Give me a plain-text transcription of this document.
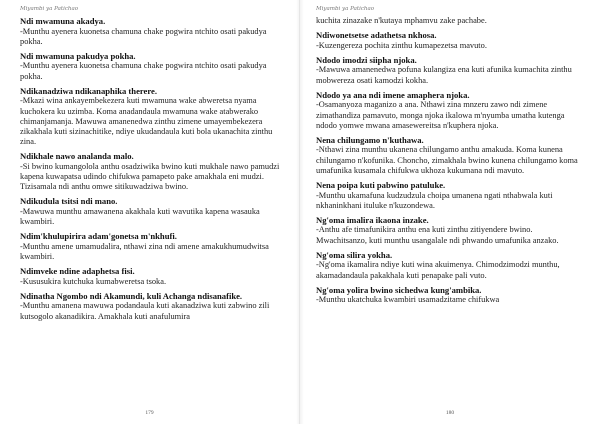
Miyambi ya Patichao
Ndi mwamuna akadya.
-Munthu ayenera kuonetsa chamuna chake pogwira ntchito osati pakudya pokha.
Ndi mwamuna pakudya pokha.
-Munthu ayenera kuonetsa chamuna chake pogwira ntchito osati pakudya pokha.
Ndikanadziwa ndikanaphika therere.
-Mkazi wina ankayembekezera kuti mwamuna wake abweretsa nyama kuchokera ku uzimba. Koma anadandaula mwamuna wake atabwerako chimanjamanja. Mawuwa amanenedwa zinthu zimene umayembekezera zikakhala kuti sizinachitike, ndiye ukudandaula kuti bola ukanachita zinthu zina.
Ndikhale nawo analanda malo.
-Si bwino kumangolola anthu osadziwika bwino kuti mukhale nawo pamudzi kapena kuwapatsa udindo chifukwa pamapeto pake amakhala eni mudzi. Tizisamala ndi anthu omwe sitikuwadziwa bwino.
Ndikudula tsitsi ndi mano.
-Mawuwa munthu amawanena akakhala kuti wavutika kapena wasauka kwambiri.
Ndim'khulupirira adam'gonetsa m'nkhufi.
-Munthu amene umamudalira, nthawi zina ndi amene amakukhumudwitsa kwambiri.
Ndimveke ndine adaphetsa fisi.
-Kususukira kutchuka kumabweretsa tsoka.
Ndinatha Ngombo ndi Akamundi, kuli Achanga ndisanafike.
-Munthu amanena mawuwa podandaula kuti akanadziwa kuti zabwino zili kutsogolo akanadikira. Amakhala kuti anafulumira
179
Miyambi ya Patichao
kuchita zinazake n'kutaya mphamvu zake pachabe.
Ndiwonetsetse adathetsa nkhosa.
-Kuzengereza pochita zinthu kumapezetsa mavuto.
Ndodo imodzi siipha njoka.
-Mawuwa amanenedwa pofuna kulangiza ena kuti afunika kumachita zinthu mobwereza osati kamodzi kokha.
Ndodo ya ana ndi imene amaphera njoka.
-Osamanyoza maganizo a ana. Nthawi zina mnzeru zawo ndi zimene zimathandiza pamavuto, monga njoka ikalowa m'nyumba umatha kutenga ndodo yomwe mwana amasewereitsa n'kuphera njoka.
Nena chilungamo n'kuthawa.
-Nthawi zina munthu ukanena chilungamo anthu amakuda. Koma kunena chilungamo n'kofunika. Choncho, zimakhala bwino kunena chilungamo koma umafunika kusamala chifukwa ukhoza kukumana ndi mavuto.
Nena poipa kuti pabwino patuluke.
-Munthu ukamafuna kudzudzula choipa umanena ngati nthabwala kuti nkhaninkhani ituluke n'kuzondewa.
Ng'oma imalira ikaona inzake.
-Anthu afe timafunikira anthu ena kuti zinthu zitiyendere bwino. Mwachitsanzo, kuti munthu usangalale ndi phwando umafunika anzako.
Ng'oma silira yokha.
-Ng'oma ikamalira ndiye kuti wina akuimenya. Chimodzimodzi munthu, akamadandaula pakakhala kuti penapake pali vuto.
Ng'oma yolira bwino sichedwa kung'ambika.
-Munthu ukatchuka kwambiri usamadzitame chifukwa
180
